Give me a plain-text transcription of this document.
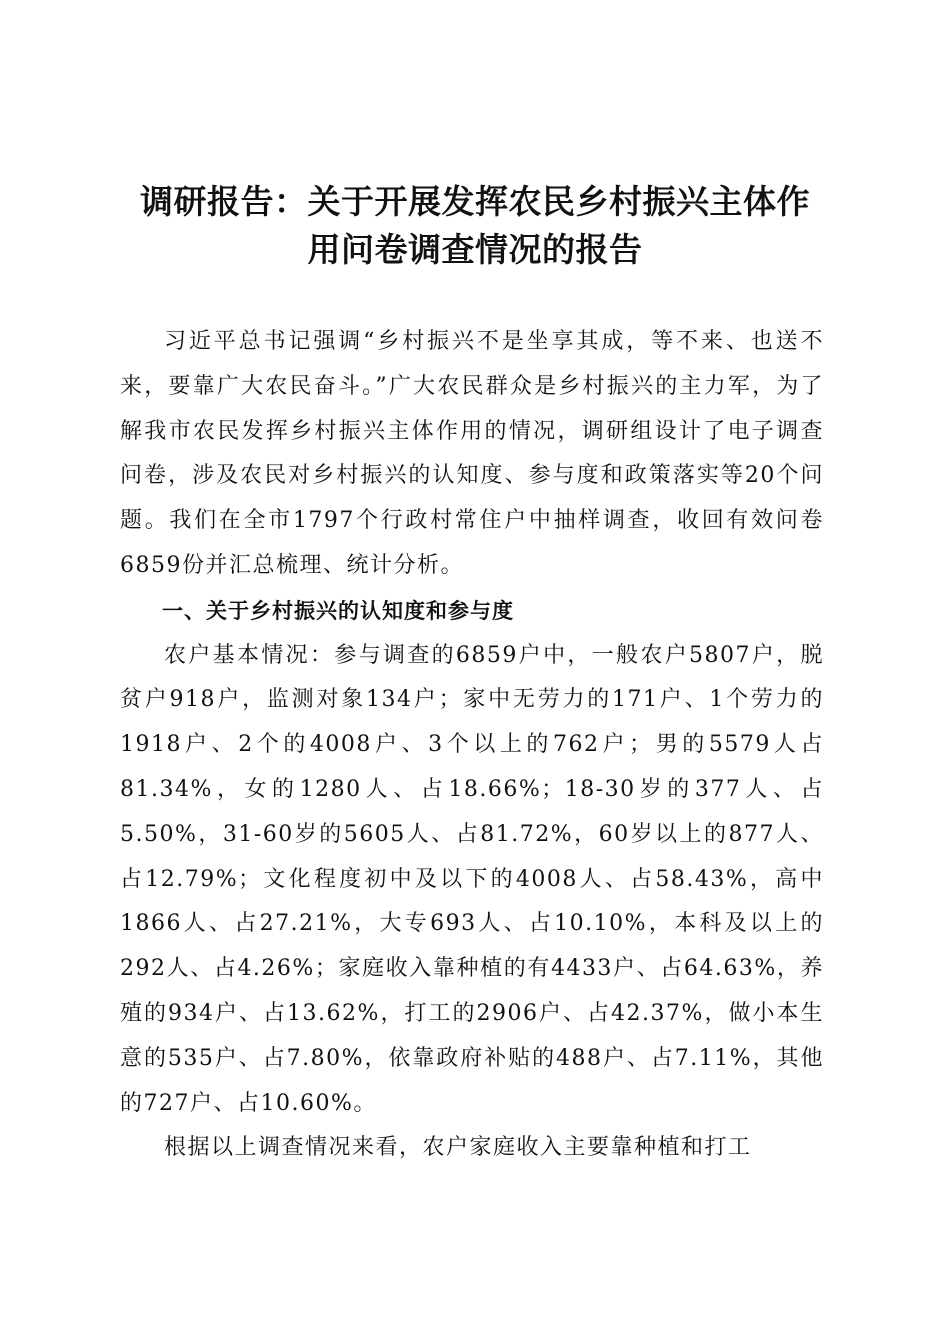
调研报告：关于开展发挥农民乡村振兴主体作
用问卷调查情况的报告

习近平总书记强调“乡村振兴不是坐享其成，等不来、也送不来，要靠广大农民奋斗。”广大农民群众是乡村振兴的主力军，为了解我市农民发挥乡村振兴主体作用的情况，调研组设计了电子调查问卷，涉及农民对乡村振兴的认知度、参与度和政策落实等20个问题。我们在全市1797个行政村常住户中抽样调查，收回有效问卷6859份并汇总梳理、统计分析。

一、关于乡村振兴的认知度和参与度

农户基本情况：参与调查的6859户中，一般农户5807户，脱贫户918户，监测对象134户；家中无劳力的171户、1个劳力的1918户、2个的4008户、3个以上的762户；男的5579人占81.34%，女的1280人、占18.66%；18-30岁的377人、占5.50%，31-60岁的5605人、占81.72%，60岁以上的877人、占12.79%；文化程度初中及以下的4008人、占58.43%，高中1866人、占27.21%，大专693人、占10.10%，本科及以上的292人、占4.26%；家庭收入靠种植的有4433户、占64.63%，养殖的934户、占13.62%，打工的2906户、占42.37%，做小本生意的535户、占7.80%，依靠政府补贴的488户、占7.11%，其他的727户、占10.60%。

根据以上调查情况来看，农户家庭收入主要靠种植和打工
